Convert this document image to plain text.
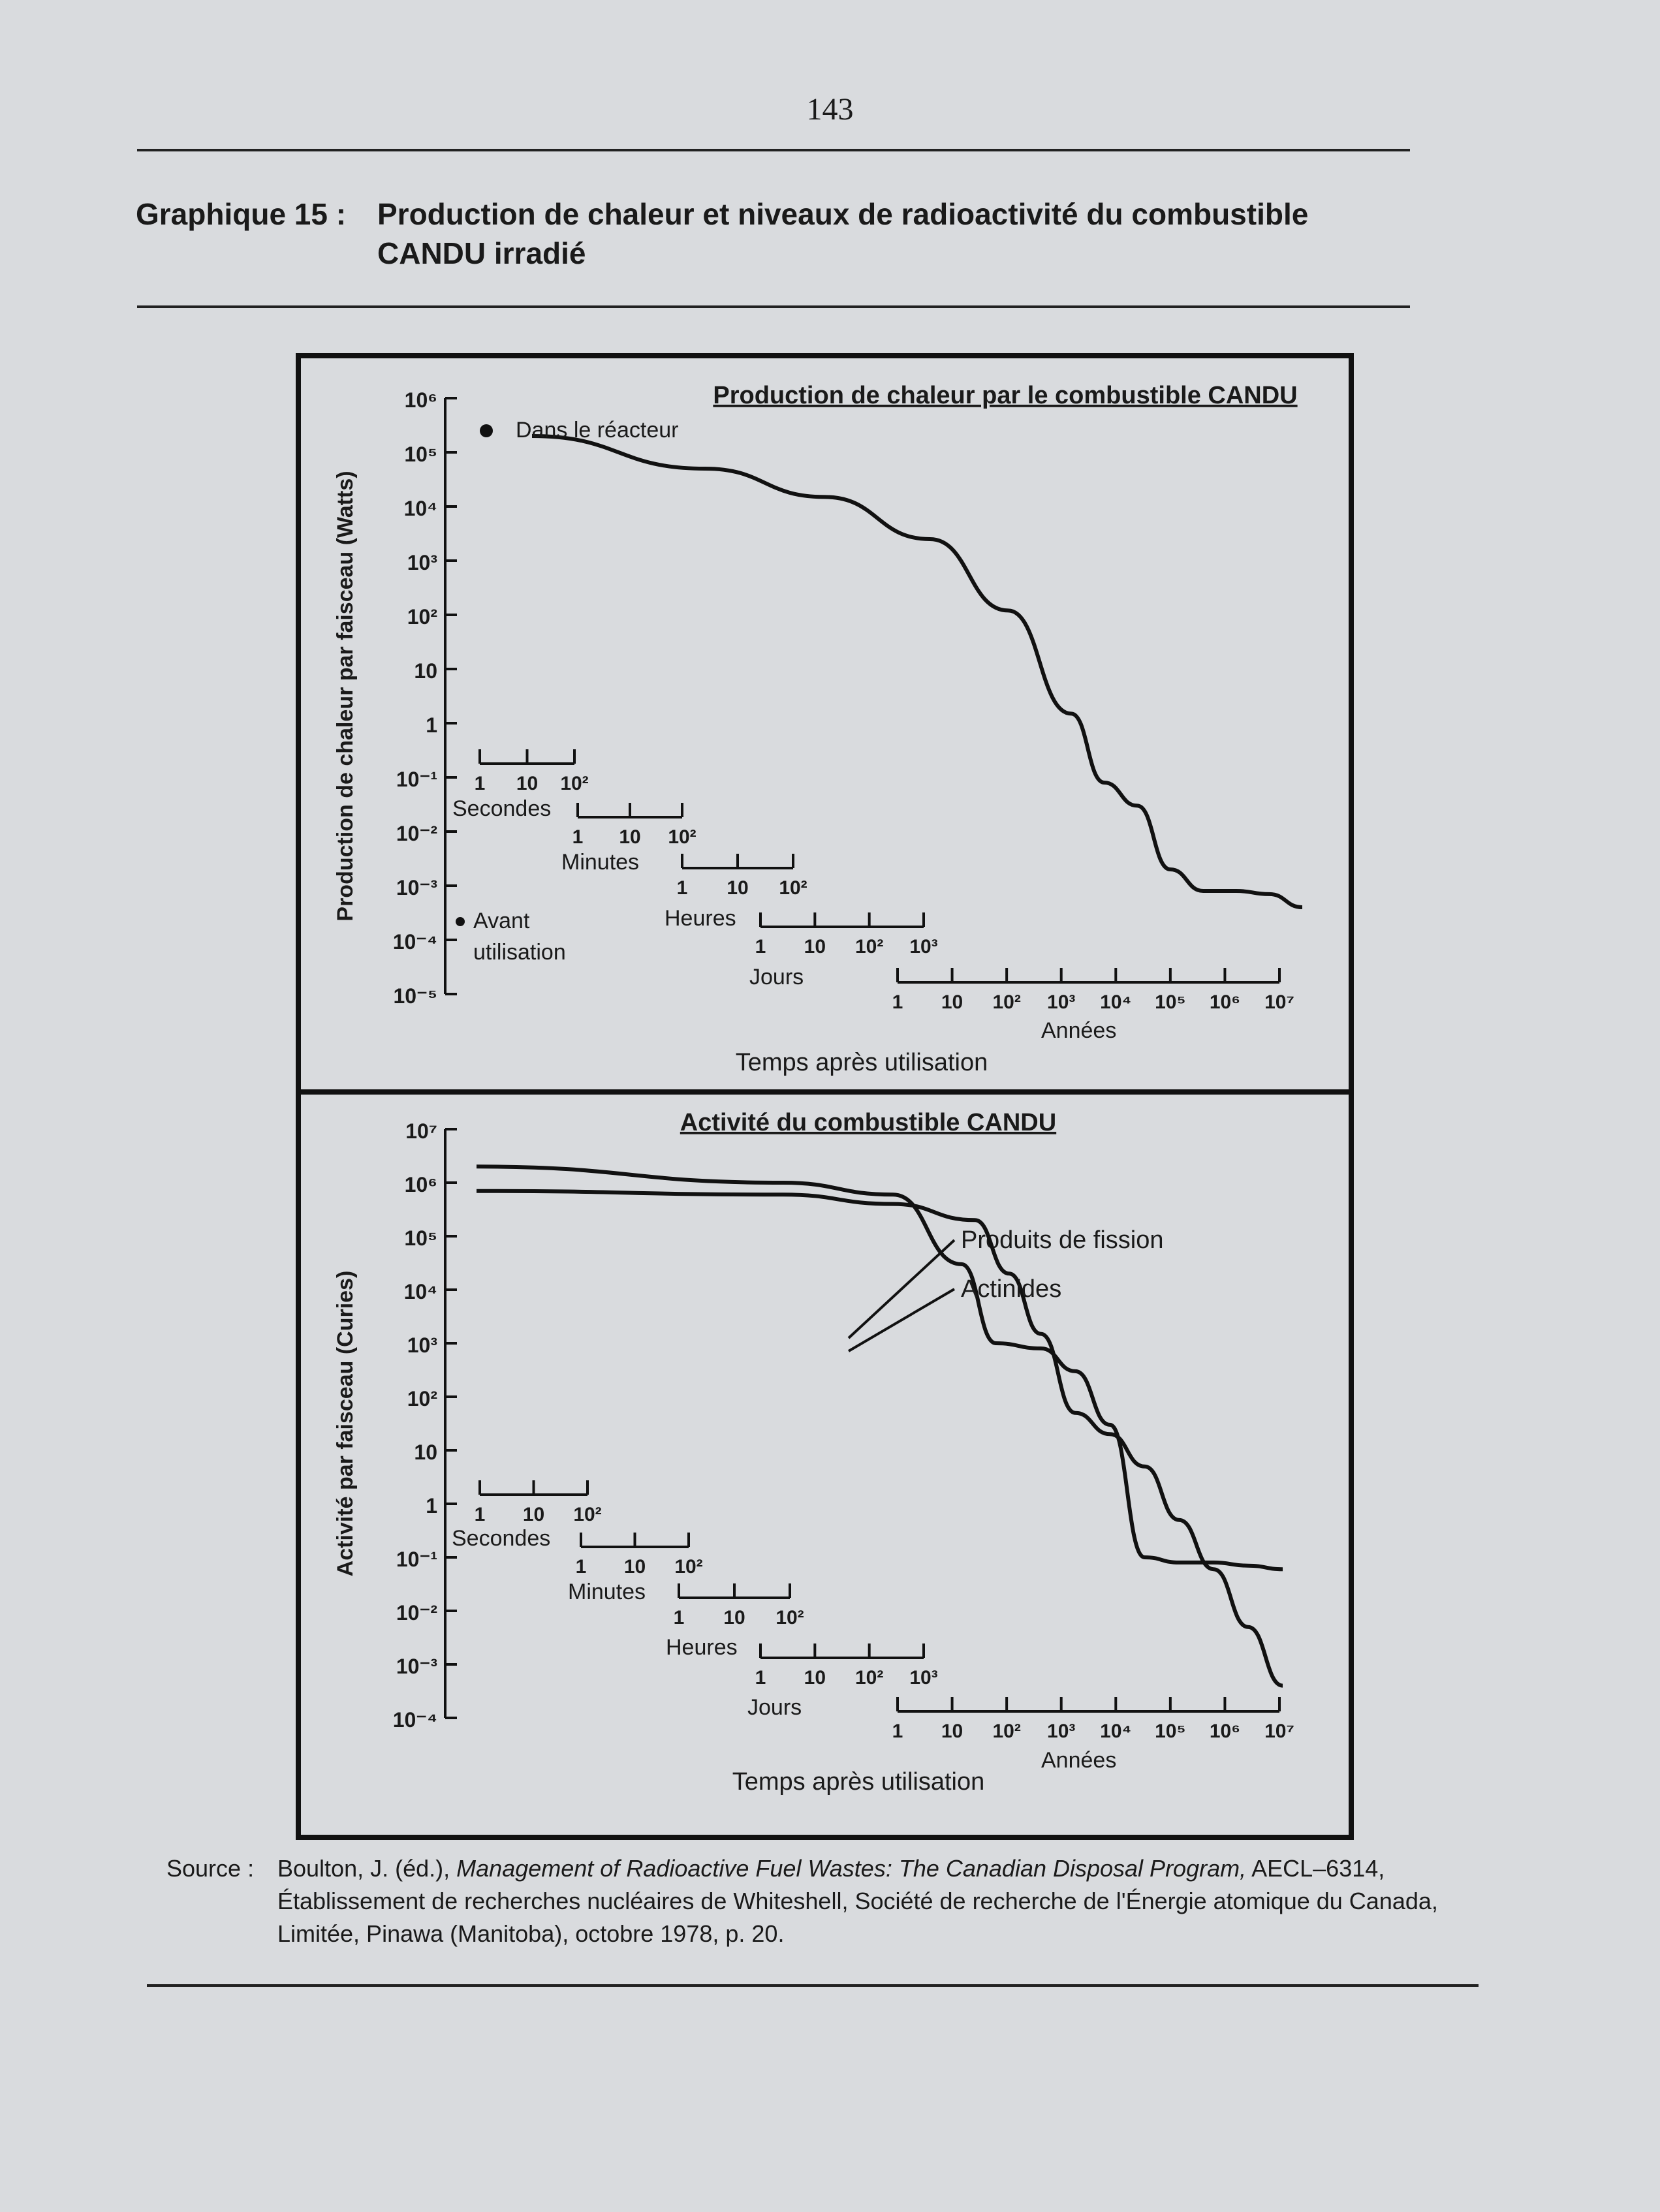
143
Graphique 15 : Production de chaleur et niveaux de radioactivité du combustible CANDU irradié
Production de chaleur par le combustible CANDU
10⁶
10⁵
10⁴
10³
10²
10
1
10⁻¹
10⁻²
10⁻³
10⁻⁴
10⁻⁵
Production de chaleur par faisceau (Watts)	1 10 10²
Secondes
1 10 10²
Minutes
1 10 10²
Heures
1 10 10² 10³
Jours
1 10 10² 10³ 10⁴ 10⁵ 10⁶ 10⁷
Années
Temps après utilisation
Dans le réacteur
Avant utilisation
Activité du combustible CANDU
10⁷
10⁶
10⁵
10⁴
10³
10²
10
1
10⁻¹
10⁻²
10⁻³
10⁻⁴
Activité par faisceau (Curies)	1 10 10²
Secondes
1 10 10²
Minutes
1 10 10²
Heures
1 10 10² 10³
Jours
1 10 10² 10³ 10⁴ 10⁵ 10⁶ 10⁷
Années
Temps après utilisation
Produits de fission
Actinides
Source : Boulton, J. (éd.), Management of Radioactive Fuel Wastes: The Canadian Disposal Program, AECL–6314, Établissement de recherches nucléaires de Whiteshell, Société de recherche de l'Énergie atomique du Canada, Limitée, Pinawa (Manitoba), octobre 1978, p. 20.
